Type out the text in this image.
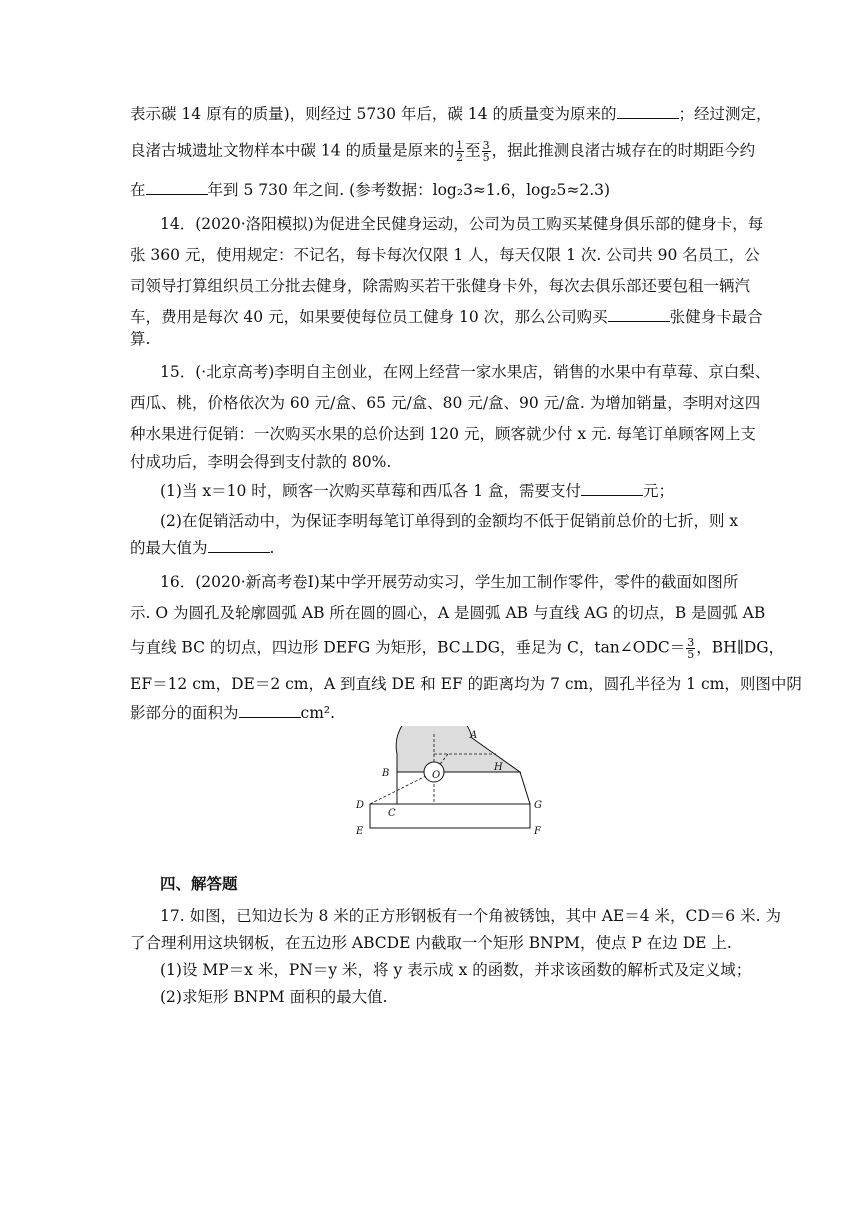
表示碳 14 原有的质量)，则经过 5730 年后，碳 14 的质量变为原来的	；经过测定，
良渚古城遗址文物样本中碳 14 的质量是原来的 $\frac{1}{2}$ 至 $\frac{3}{5}$ ，据此推测良渚古城存在的时期距今约
在	年到 5 730 年之间. (参考数据：log₂3≈1.6，log₂5≈2.3)
14．(2020·洛阳模拟)为促进全民健身运动，公司为员工购买某健身俱乐部的健身卡，每
张 360 元，使用规定：不记名，每卡每次仅限 1 人，每天仅限 1 次. 公司共 90 名员工，公
司领导打算组织员工分批去健身，除需购买若干张健身卡外，每次去俱乐部还要包租一辆汽
车，费用是每次 40 元，如果要使每位员工健身 10 次，那么公司购买	张健身卡最合
算.
15．(·北京高考)李明自主创业，在网上经营一家水果店，销售的水果中有草莓、京白梨、
西瓜、桃，价格依次为 60 元/盒、65 元/盒、80 元/盒、90 元/盒. 为增加销量，李明对这四
种水果进行促销：一次购买水果的总价达到 120 元，顾客就少付 x 元. 每笔订单顾客网上支
付成功后，李明会得到支付款的 80%.
(1)当 x＝10 时，顾客一次购买草莓和西瓜各 1 盒，需要支付	元；
(2)在促销活动中，为保证李明每笔订单得到的金额均不低于促销前总价的七折，则 x
的最大值为	.
16．(2020·新高考卷Ⅰ)某中学开展劳动实习，学生加工制作零件，零件的截面如图所
示. O 为圆孔及轮廓圆弧 AB 所在圆的圆心，A 是圆弧 AB 与直线 AG 的切点，B 是圆弧 AB
与直线 BC 的切点，四边形 DEFG 为矩形，BC⊥DG，垂足为 C，tan∠ODC＝ $\frac{3}{5}$ ，BH∥DG，
EF＝12 cm，DE＝2 cm，A 到直线 DE 和 EF 的距离均为 7 cm，圆孔半径为 1 cm，则图中阴
影部分的面积为	cm².
A
B
H
O
D
C
G
E	F
四、解答题
17. 如图，已知边长为 8 米的正方形钢板有一个角被锈蚀，其中 AE＝4 米，CD＝6 米. 为
了合理利用这块钢板，在五边形 ABCDE 内截取一个矩形 BNPM，使点 P 在边 DE 上.
(1)设 MP＝x 米，PN＝y 米，将 y 表示成 x 的函数，并求该函数的解析式及定义域；
(2)求矩形 BNPM 面积的最大值.
